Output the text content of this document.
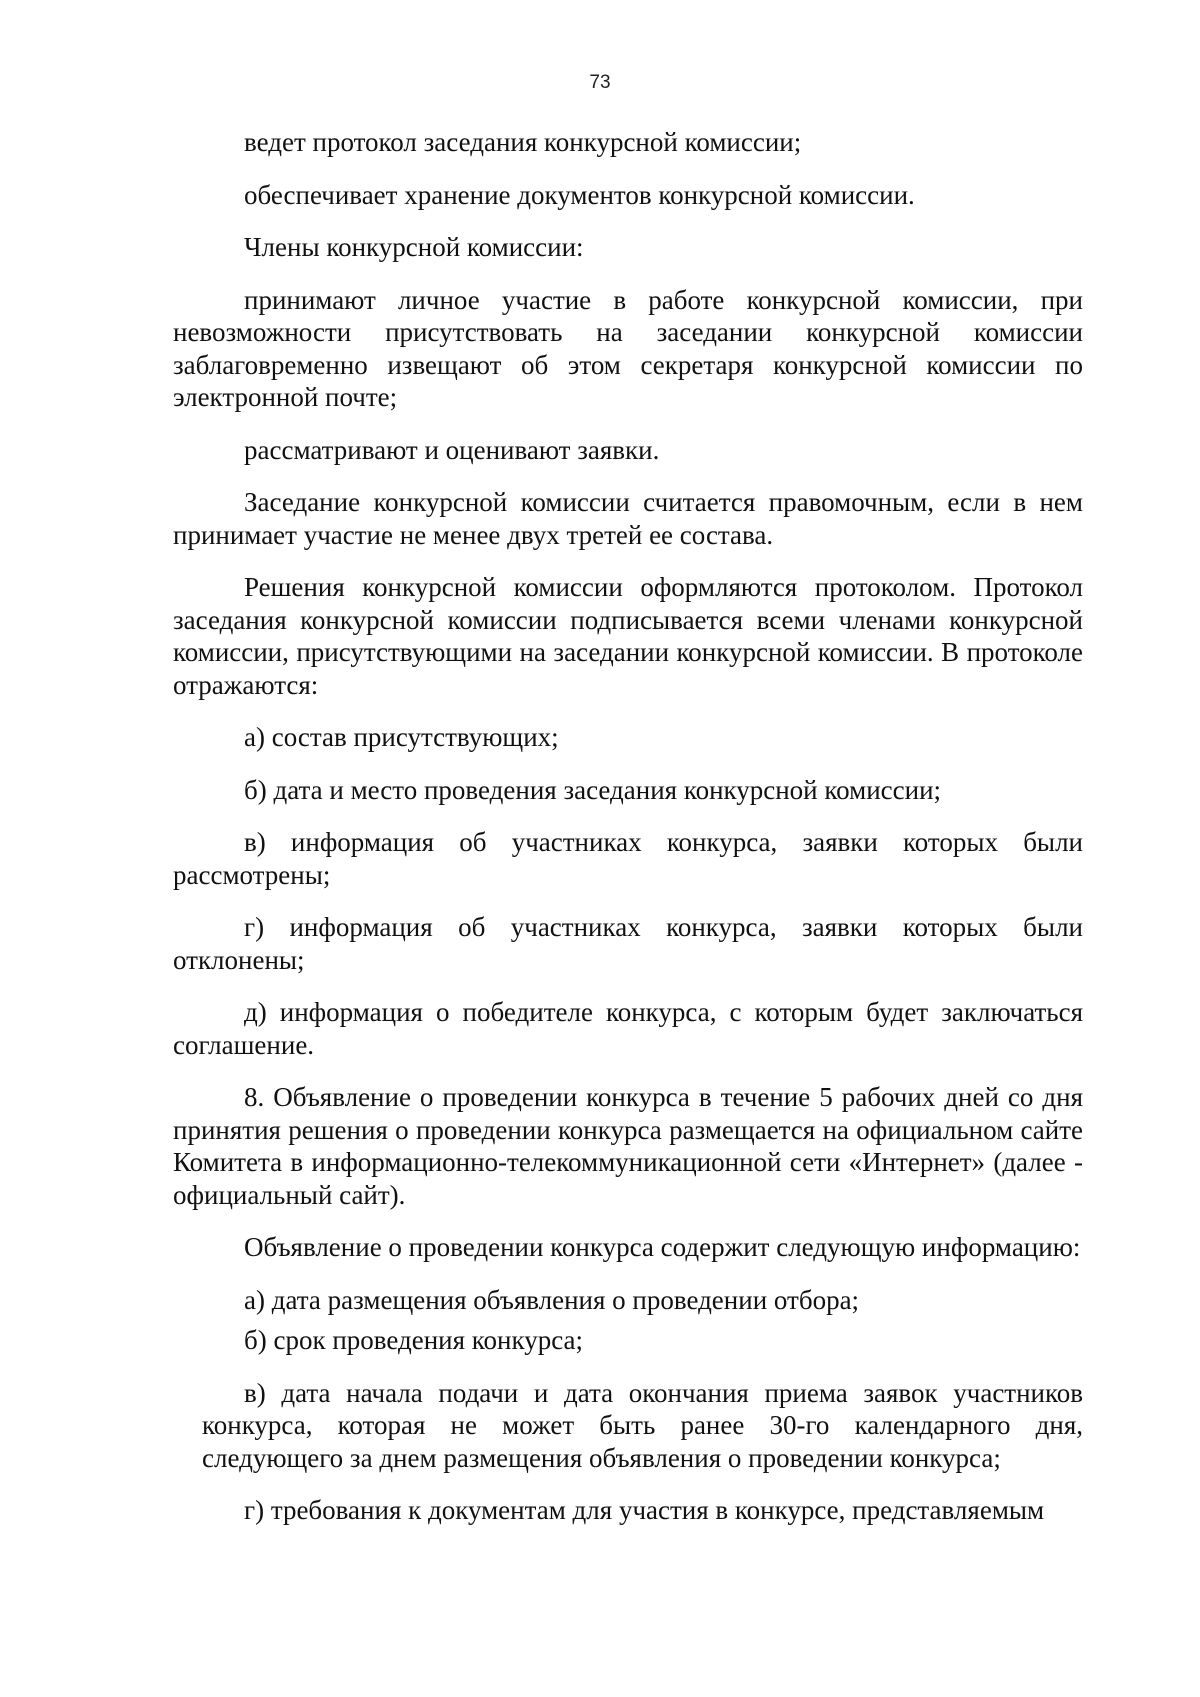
73

ведет протокол заседания конкурсной комиссии;

обеспечивает хранение документов конкурсной комиссии.

Члены конкурсной комиссии:

принимают личное участие в работе конкурсной комиссии, при невозможности присутствовать на заседании конкурсной комиссии заблаговременно извещают об этом секретаря конкурсной комиссии по электронной почте;

рассматривают и оценивают заявки.

Заседание конкурсной комиссии считается правомочным, если в нем принимает участие не менее двух третей ее состава.

Решения конкурсной комиссии оформляются протоколом. Протокол заседания конкурсной комиссии подписывается всеми членами конкурсной комиссии, присутствующими на заседании конкурсной комиссии. В протоколе отражаются:

а) состав присутствующих;

б) дата и место проведения заседания конкурсной комиссии;

в) информация об участниках конкурса, заявки которых были рассмотрены;

г) информация об участниках конкурса, заявки которых были отклонены;

д) информация о победителе конкурса, с которым будет заключаться соглашение.

8. Объявление о проведении конкурса в течение 5 рабочих дней со дня принятия решения о проведении конкурса размещается на официальном сайте Комитета в информационно-телекоммуникационной сети «Интернет» (далее - официальный сайт).

Объявление о проведении конкурса содержит следующую информацию:

а) дата размещения объявления о проведении отбора;

б) срок проведения конкурса;

в) дата начала подачи и дата окончания приема заявок участников конкурса, которая не может быть ранее 30-го календарного дня, следующего за днем размещения объявления о проведении конкурса;

г) требования к документам для участия в конкурсе, представляемым
